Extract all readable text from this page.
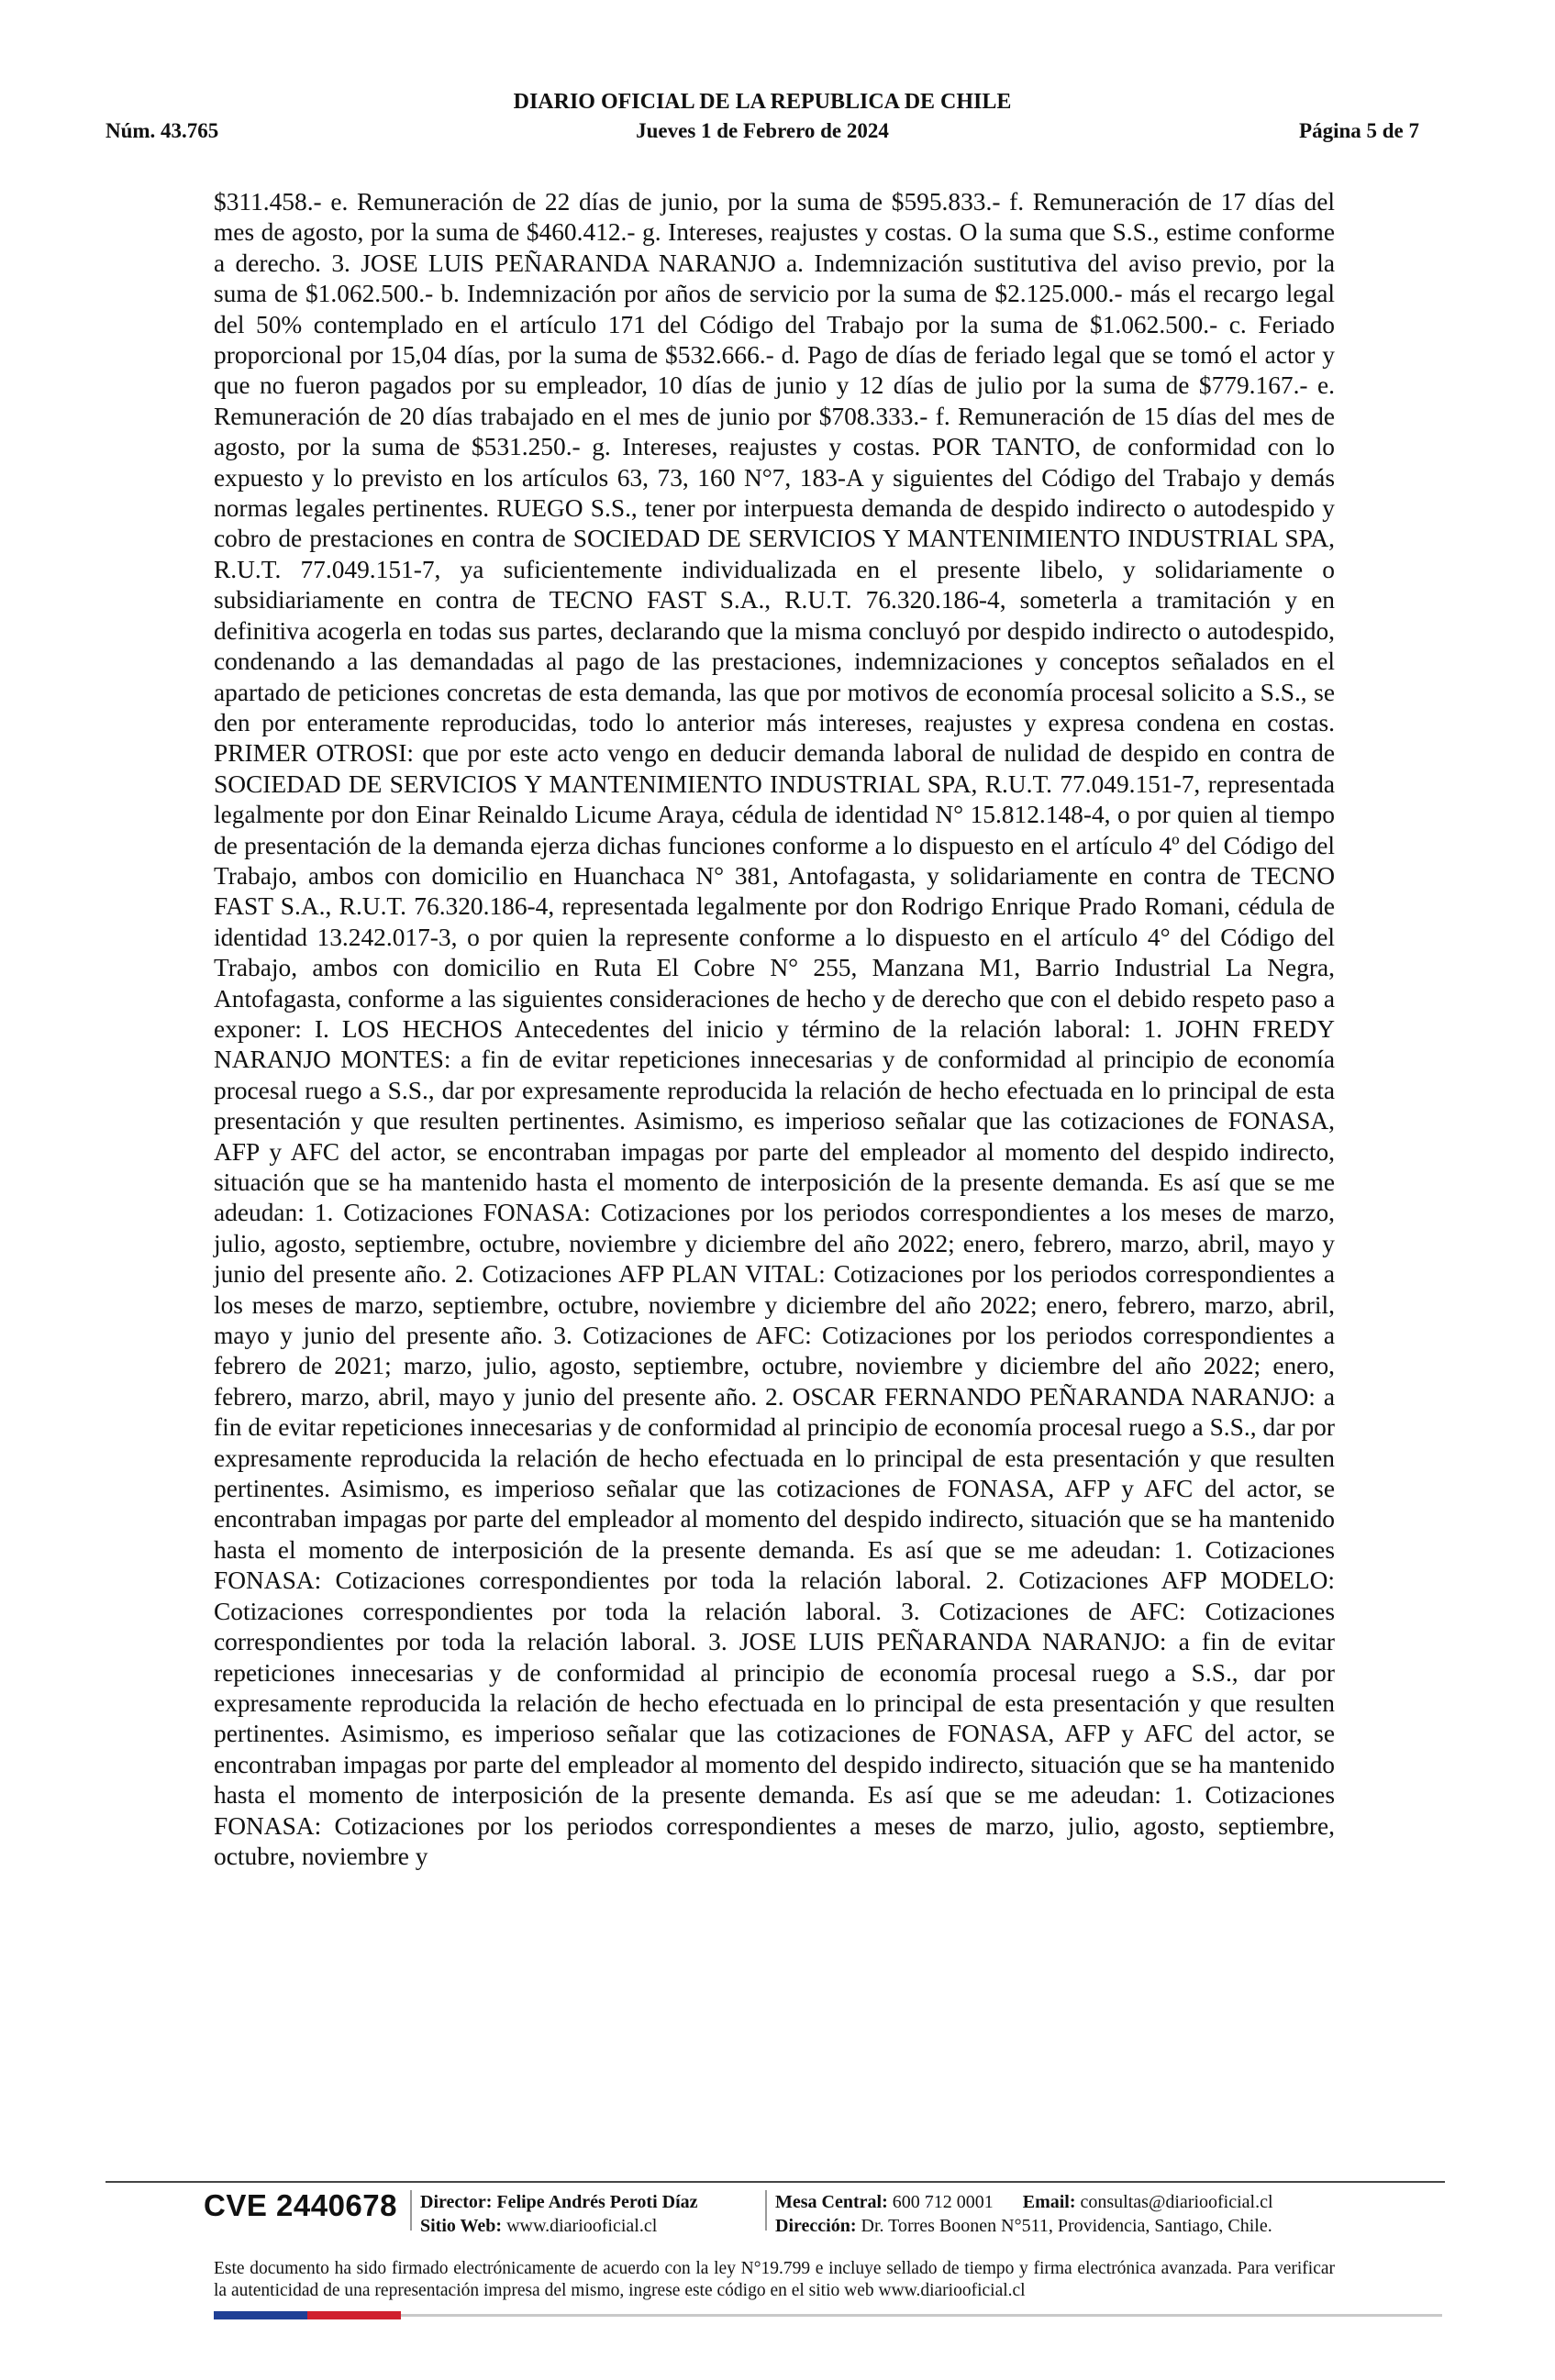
DIARIO OFICIAL DE LA REPUBLICA DE CHILE
Núm. 43.765	Jueves 1 de Febrero de 2024	Página 5 de 7

$311.458.- e. Remuneración de 22 días de junio, por la suma de $595.833.- f. Remuneración de 17 días del mes de agosto, por la suma de $460.412.- g. Intereses, reajustes y costas. O la suma que S.S., estime conforme a derecho. 3. JOSE LUIS PEÑARANDA NARANJO a. Indemnización sustitutiva del aviso previo, por la suma de $1.062.500.- b. Indemnización por años de servicio por la suma de $2.125.000.- más el recargo legal del 50% contemplado en el artículo 171 del Código del Trabajo por la suma de $1.062.500.- c. Feriado proporcional por 15,04 días, por la suma de $532.666.- d. Pago de días de feriado legal que se tomó el actor y que no fueron pagados por su empleador, 10 días de junio y 12 días de julio por la suma de $779.167.- e. Remuneración de 20 días trabajado en el mes de junio por $708.333.- f. Remuneración de 15 días del mes de agosto, por la suma de $531.250.- g. Intereses, reajustes y costas. POR TANTO, de conformidad con lo expuesto y lo previsto en los artículos 63, 73, 160 N°7, 183-A y siguientes del Código del Trabajo y demás normas legales pertinentes. RUEGO S.S., tener por interpuesta demanda de despido indirecto o autodespido y cobro de prestaciones en contra de SOCIEDAD DE SERVICIOS Y MANTENIMIENTO INDUSTRIAL SPA, R.U.T. 77.049.151-7, ya suficientemente individualizada en el presente libelo, y solidariamente o subsidiariamente en contra de TECNO FAST S.A., R.U.T. 76.320.186-4, someterla a tramitación y en definitiva acogerla en todas sus partes, declarando que la misma concluyó por despido indirecto o autodespido, condenando a las demandadas al pago de las prestaciones, indemnizaciones y conceptos señalados en el apartado de peticiones concretas de esta demanda, las que por motivos de economía procesal solicito a S.S., se den por enteramente reproducidas, todo lo anterior más intereses, reajustes y expresa condena en costas. PRIMER OTROSI: que por este acto vengo en deducir demanda laboral de nulidad de despido en contra de SOCIEDAD DE SERVICIOS Y MANTENIMIENTO INDUSTRIAL SPA, R.U.T. 77.049.151-7, representada legalmente por don Einar Reinaldo Licume Araya, cédula de identidad N° 15.812.148-4, o por quien al tiempo de presentación de la demanda ejerza dichas funciones conforme a lo dispuesto en el artículo 4º del Código del Trabajo, ambos con domicilio en Huanchaca N° 381, Antofagasta, y solidariamente en contra de TECNO FAST S.A., R.U.T. 76.320.186-4, representada legalmente por don Rodrigo Enrique Prado Romani, cédula de identidad 13.242.017-3, o por quien la represente conforme a lo dispuesto en el artículo 4° del Código del Trabajo, ambos con domicilio en Ruta El Cobre N° 255, Manzana M1, Barrio Industrial La Negra, Antofagasta, conforme a las siguientes consideraciones de hecho y de derecho que con el debido respeto paso a exponer: I. LOS HECHOS Antecedentes del inicio y término de la relación laboral: 1. JOHN FREDY NARANJO MONTES: a fin de evitar repeticiones innecesarias y de conformidad al principio de economía procesal ruego a S.S., dar por expresamente reproducida la relación de hecho efectuada en lo principal de esta presentación y que resulten pertinentes. Asimismo, es imperioso señalar que las cotizaciones de FONASA, AFP y AFC del actor, se encontraban impagas por parte del empleador al momento del despido indirecto, situación que se ha mantenido hasta el momento de interposición de la presente demanda. Es así que se me adeudan: 1. Cotizaciones FONASA: Cotizaciones por los periodos correspondientes a los meses de marzo, julio, agosto, septiembre, octubre, noviembre y diciembre del año 2022; enero, febrero, marzo, abril, mayo y junio del presente año. 2. Cotizaciones AFP PLAN VITAL: Cotizaciones por los periodos correspondientes a los meses de marzo, septiembre, octubre, noviembre y diciembre del año 2022; enero, febrero, marzo, abril, mayo y junio del presente año. 3. Cotizaciones de AFC: Cotizaciones por los periodos correspondientes a febrero de 2021; marzo, julio, agosto, septiembre, octubre, noviembre y diciembre del año 2022; enero, febrero, marzo, abril, mayo y junio del presente año. 2. OSCAR FERNANDO PEÑARANDA NARANJO: a fin de evitar repeticiones innecesarias y de conformidad al principio de economía procesal ruego a S.S., dar por expresamente reproducida la relación de hecho efectuada en lo principal de esta presentación y que resulten pertinentes. Asimismo, es imperioso señalar que las cotizaciones de FONASA, AFP y AFC del actor, se encontraban impagas por parte del empleador al momento del despido indirecto, situación que se ha mantenido hasta el momento de interposición de la presente demanda. Es así que se me adeudan: 1. Cotizaciones FONASA: Cotizaciones correspondientes por toda la relación laboral. 2. Cotizaciones AFP MODELO: Cotizaciones correspondientes por toda la relación laboral. 3. Cotizaciones de AFC: Cotizaciones correspondientes por toda la relación laboral. 3. JOSE LUIS PEÑARANDA NARANJO: a fin de evitar repeticiones innecesarias y de conformidad al principio de economía procesal ruego a S.S., dar por expresamente reproducida la relación de hecho efectuada en lo principal de esta presentación y que resulten pertinentes. Asimismo, es imperioso señalar que las cotizaciones de FONASA, AFP y AFC del actor, se encontraban impagas por parte del empleador al momento del despido indirecto, situación que se ha mantenido hasta el momento de interposición de la presente demanda. Es así que se me adeudan: 1. Cotizaciones FONASA: Cotizaciones por los periodos correspondientes a meses de marzo, julio, agosto, septiembre, octubre, noviembre y

CVE 2440678 Director: Felipe Andrés Peroti Díaz
Sitio Web: www.diariooficial.cl
Mesa Central: 600 712 0001 Email: consultas@diariooficial.cl
Dirección: Dr. Torres Boonen N°511, Providencia, Santiago, Chile.
Este documento ha sido firmado electrónicamente de acuerdo con la ley N°19.799 e incluye sellado de tiempo y firma electrónica avanzada. Para verificar la autenticidad de una representación impresa del mismo, ingrese este código en el sitio web www.diariooficial.cl
